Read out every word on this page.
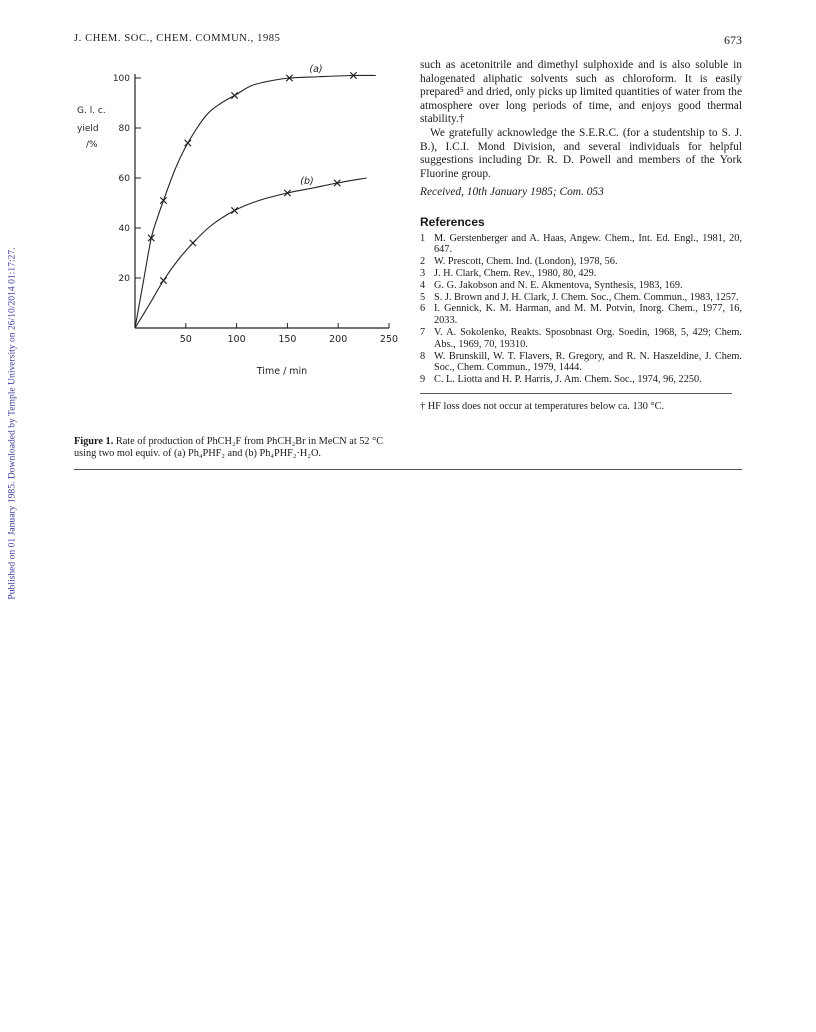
Published on 01 January 1985. Downloaded by Temple University on 26/10/2014 01:17:27.
J. CHEM. SOC., CHEM. COMMUN., 1985	673
20
40
60
80
100
50	100	150	200	250
G. l. c.
yield
/%
Time / min
(a)
(b)
Figure 1. Rate of production of PhCH₂F from PhCH₂Br in MeCN at 52 °C using two mol equiv. of (a) Ph₄PHF₂ and (b) Ph₄PHF₂·H₂O.

such as acetonitrile and dimethyl sulphoxide and is also soluble in halogenated aliphatic solvents such as chloroform. It is easily prepared⁵ and dried, only picks up limited quantities of water from the atmosphere over long periods of time, and enjoys good thermal stability.†

We gratefully acknowledge the S.E.R.C. (for a studentship to S. J. B.), I.C.I. Mond Division, and several individuals for helpful suggestions including Dr. R. D. Powell and members of the York Fluorine group.

Received, 10th January 1985; Com. 053

References
1 M. Gerstenberger and A. Haas, Angew. Chem., Int. Ed. Engl., 1981, 20, 647.
2 W. Prescott, Chem. Ind. (London), 1978, 56.
3 J. H. Clark, Chem. Rev., 1980, 80, 429.
4 G. G. Jakobson and N. E. Akmentova, Synthesis, 1983, 169.
5 S. J. Brown and J. H. Clark, J. Chem. Soc., Chem. Commun., 1983, 1257.
6 I. Gennick, K. M. Harman, and M. M. Potvin, Inorg. Chem., 1977, 16, 2033.
7 V. A. Sokolenko, Reakts. Sposobnast Org. Soedin, 1968, 5, 429; Chem. Abs., 1969, 70, 19310.
8 W. Brunskill, W. T. Flavers, R. Gregory, and R. N. Haszeldine, J. Chem. Soc., Chem. Commun., 1979, 1444.
9 C. L. Liotta and H. P. Harris, J. Am. Chem. Soc., 1974, 96, 2250.
† HF loss does not occur at temperatures below ca. 130 °C.
